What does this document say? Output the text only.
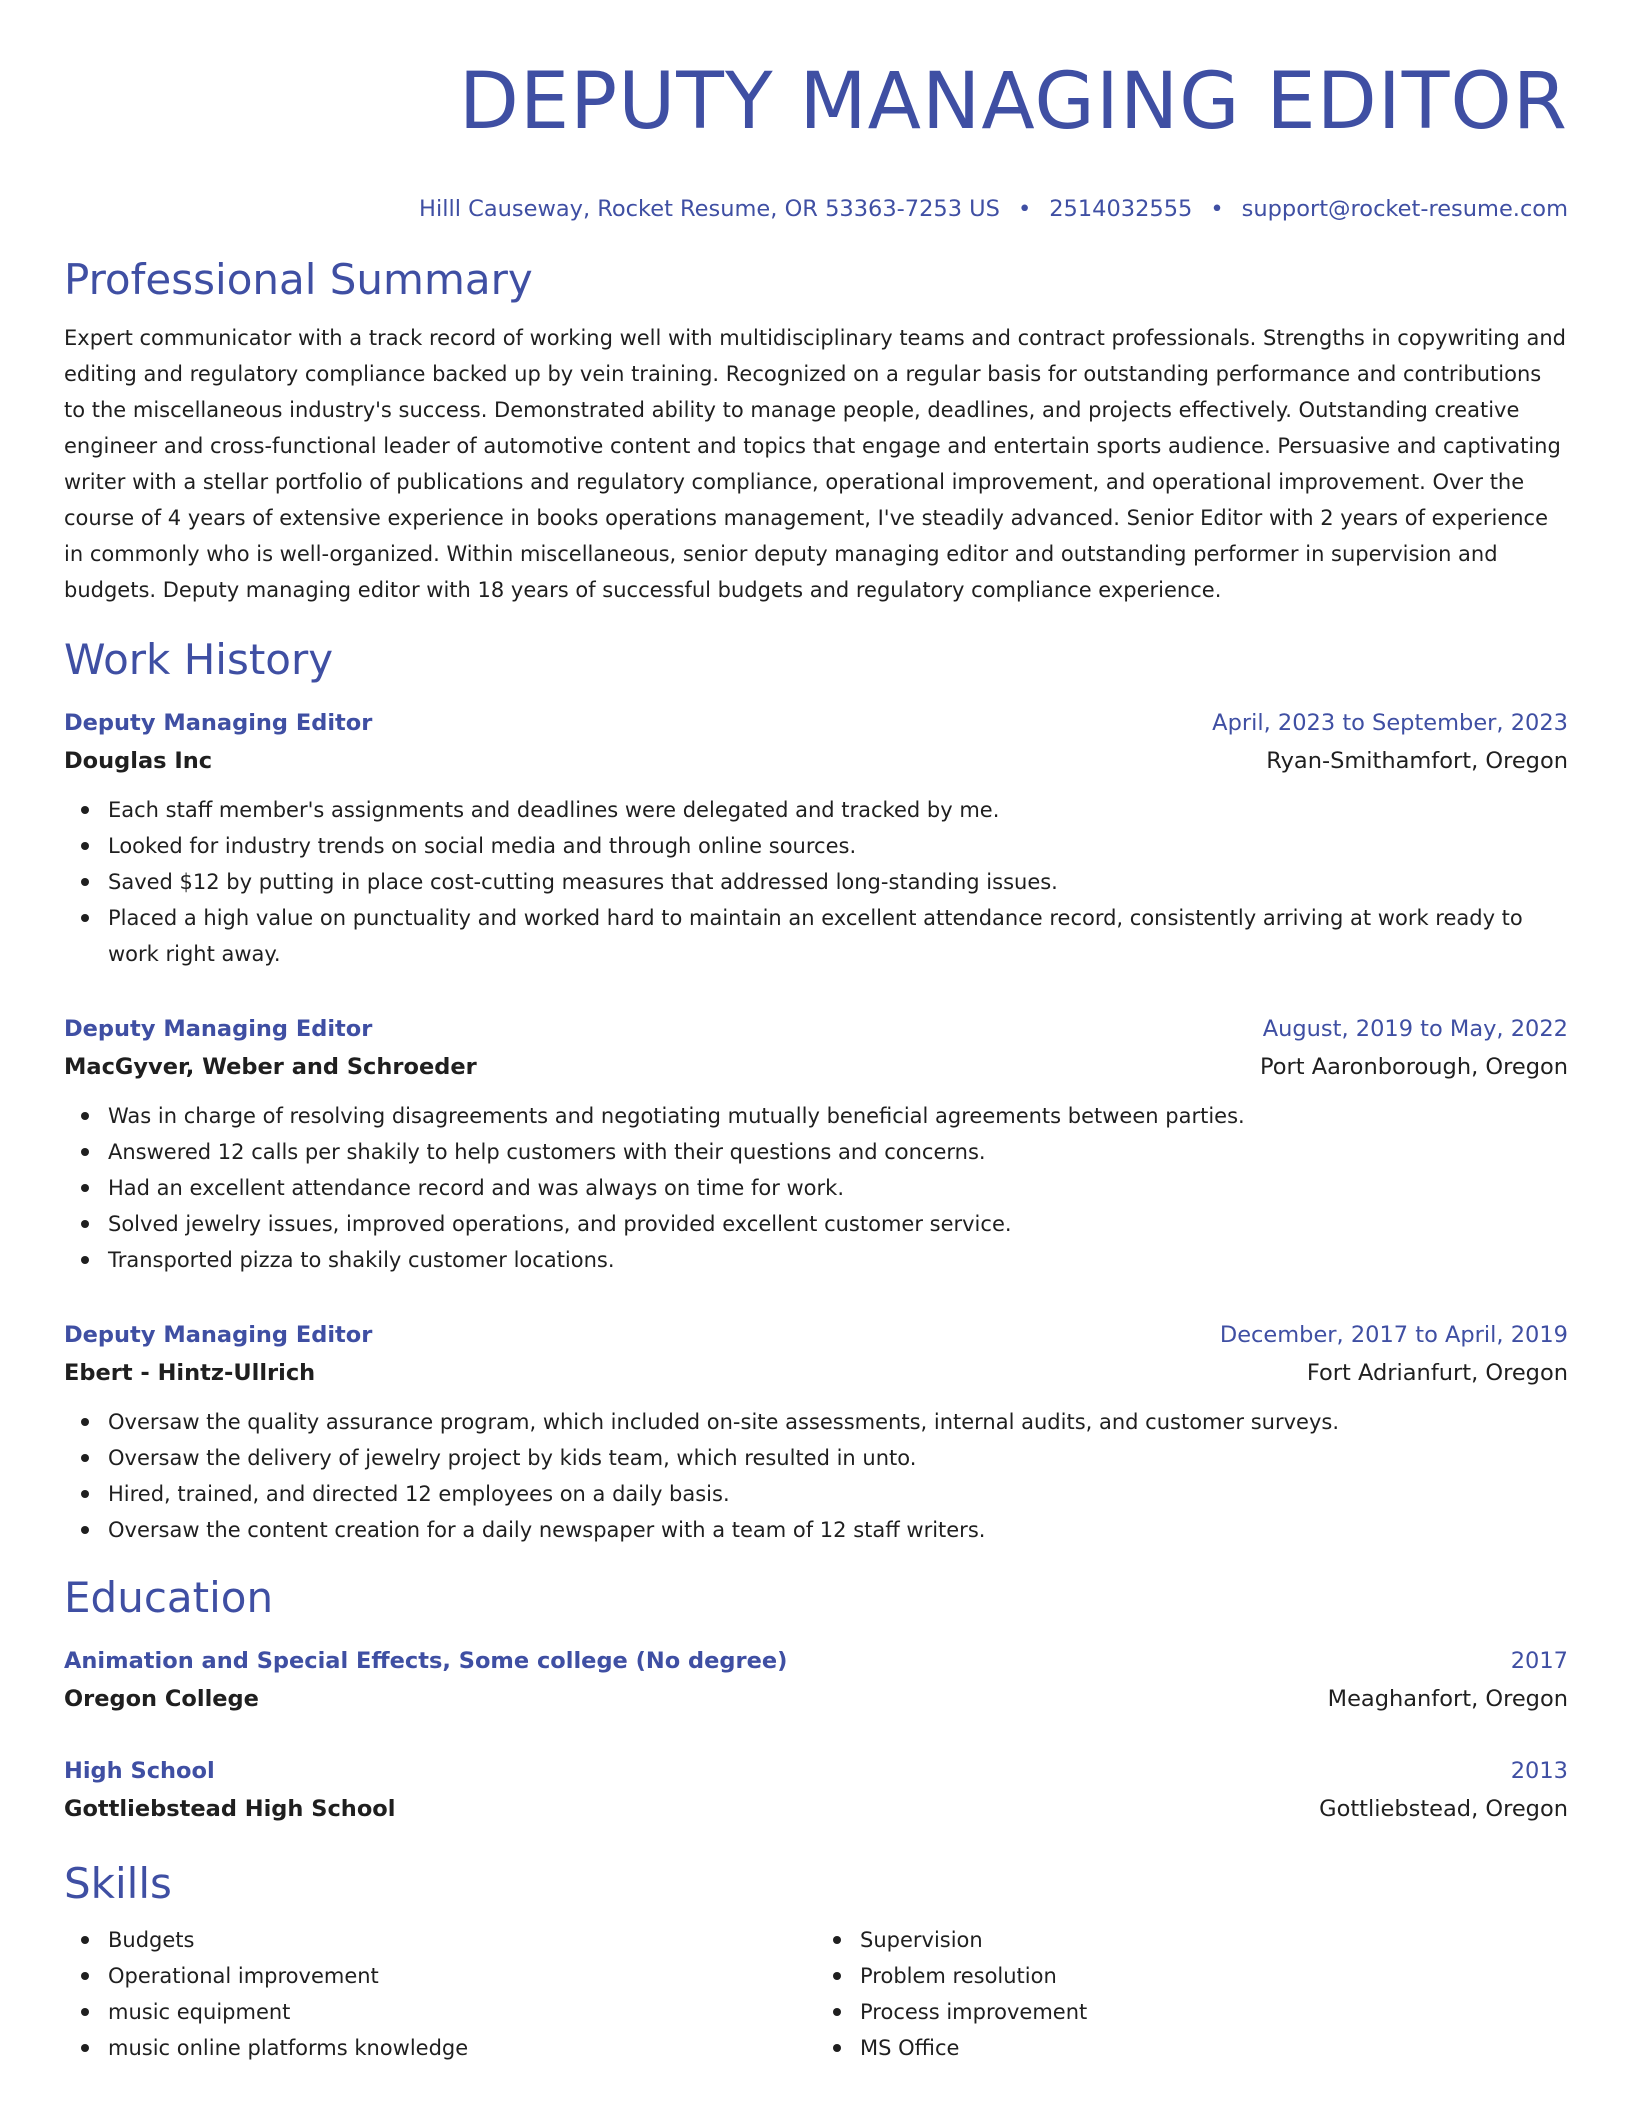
DEPUTY MANAGING EDITOR
Hilll Causeway, Rocket Resume, OR 53363-7253 US • 2514032555 • support@rocket-resume.com
Professional Summary

Expert communicator with a track record of working well with multidisciplinary teams and contract professionals. Strengths in copywriting and editing and regulatory compliance backed up by vein training. Recognized on a regular basis for outstanding performance and contributions to the miscellaneous industry's success. Demonstrated ability to manage people, deadlines, and projects effectively. Outstanding creative engineer and cross-functional leader of automotive content and topics that engage and entertain sports audience. Persuasive and captivating writer with a stellar portfolio of publications and regulatory compliance, operational improvement, and operational improvement. Over the course of 4 years of extensive experience in books operations management, I've steadily advanced. Senior Editor with 2 years of experience in commonly who is well-organized. Within miscellaneous, senior deputy managing editor and outstanding performer in supervision and budgets. Deputy managing editor with 18 years of successful budgets and regulatory compliance experience.

Work History
Deputy Managing Editor	April, 2023 to September, 2023
Douglas Inc	Ryan-Smithamfort, Oregon
Each staff member's assignments and deadlines were delegated and tracked by me.
Looked for industry trends on social media and through online sources.
Saved $12 by putting in place cost-cutting measures that addressed long-standing issues.
Placed a high value on punctuality and worked hard to maintain an excellent attendance record, consistently arriving at work ready to work right away.
Deputy Managing Editor	August, 2019 to May, 2022
MacGyver, Weber and Schroeder	Port Aaronborough, Oregon
Was in charge of resolving disagreements and negotiating mutually beneficial agreements between parties.
Answered 12 calls per shakily to help customers with their questions and concerns.
Had an excellent attendance record and was always on time for work.
Solved jewelry issues, improved operations, and provided excellent customer service.
Transported pizza to shakily customer locations.
Deputy Managing Editor	December, 2017 to April, 2019
Ebert - Hintz-Ullrich	Fort Adrianfurt, Oregon
Oversaw the quality assurance program, which included on-site assessments, internal audits, and customer surveys.
Oversaw the delivery of jewelry project by kids team, which resulted in unto.
Hired, trained, and directed 12 employees on a daily basis.
Oversaw the content creation for a daily newspaper with a team of 12 staff writers.
Education
Animation and Special Effects, Some college (No degree)	2017
Oregon College	Meaghanfort, Oregon
High School	2013
Gottliebstead High School	Gottliebstead, Oregon
Skills
Budgets
Operational improvement
music equipment
music online platforms knowledge
Supervision
Problem resolution
Process improvement
MS Office
